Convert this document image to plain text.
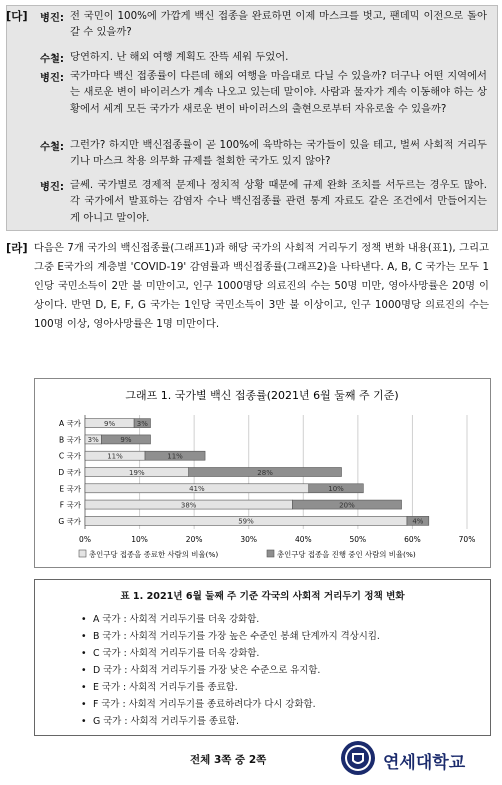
[다] 병진: 전 국민이 100%에 가깝게 백신 접종을 완료하면 이제 마스크를 벗고, 팬데믹 이전으로 돌아갈 수 있을까?
수철: 당연하지. 난 해외 여행 계획도 잔뜩 세워 두었어.
병진: 국가마다 백신 접종률이 다른데 해외 여행을 마음대로 다닐 수 있을까? 더구나 어떤 지역에서는 새로운 변이 바이러스가 계속 나오고 있는데 말이야. 사람과 물자가 계속 이동해야 하는 상황에서 세계 모든 국가가 새로운 변이 바이러스의 출현으로부터 자유로울 수 있을까?
수철: 그런가? 하지만 백신접종률이 곧 100%에 육박하는 국가들이 있을 테고, 벌써 사회적 거리두기나 마스크 착용 의무화 규제를 철회한 국가도 있지 않아?
병진: 글쎄. 국가별로 경제적 문제나 정치적 상황 때문에 규제 완화 조치를 서두르는 경우도 많아. 각 국가에서 발표하는 감염자 수나 백신접종률 관련 통계 자료도 같은 조건에서 만들어지는 게 아니고 말이야.
[라] 다음은 7개 국가의 백신접종률(그래프1)과 해당 국가의 사회적 거리두기 정책 변화 내용(표1), 그리고 그중 E국가의 계층별 'COVID-19' 감염률과 백신접종률(그래프2)을 나타낸다. A, B, C 국가는 모두 1인당 국민소득이 2만 불 미만이고, 인구 1000명당 의료진의 수는 50명 미만, 영아사망률은 20명 이상이다. 반면 D, E, F, G 국가는 1인당 국민소득이 3만 불 이상이고, 인구 1000명당 의료진의 수는 100명 이상, 영아사망률은 1명 미만이다.
그래프 1. 국가별 백신 접종률(2021년 6월 둘째 주 기준)
9%	3%
3%	9%
11%	11%
19%	28%
41%	10%
38%	20%
59%	4%
A 국가
B 국가
C 국가
D 국가
E 국가
F 국가
G 국가
0%	10%	20%	30%	40%	50%	60%	70%
총인구당 접종을 종료한 사람의 비율(%)	총인구당 접종을 진행 중인 사람의 비율(%)
표 1. 2021년 6월 둘째 주 기준 각국의 사회적 거리두기 정책 변화
• A 국가 : 사회적 거리두기를 더욱 강화함.
• B 국가 : 사회적 거리두기를 가장 높은 수준인 봉쇄 단계까지 격상시킴.
• C 국가 : 사회적 거리두기를 더욱 강화함.
• D 국가 : 사회적 거리두기를 가장 낮은 수준으로 유지함.
• E 국가 : 사회적 거리두기를 종료함.
• F 국가 : 사회적 거리두기를 종료하려다가 다시 강화함.
• G 국가 : 사회적 거리두기를 종료함.
전체 3쪽 중 2쪽	연세대학교
